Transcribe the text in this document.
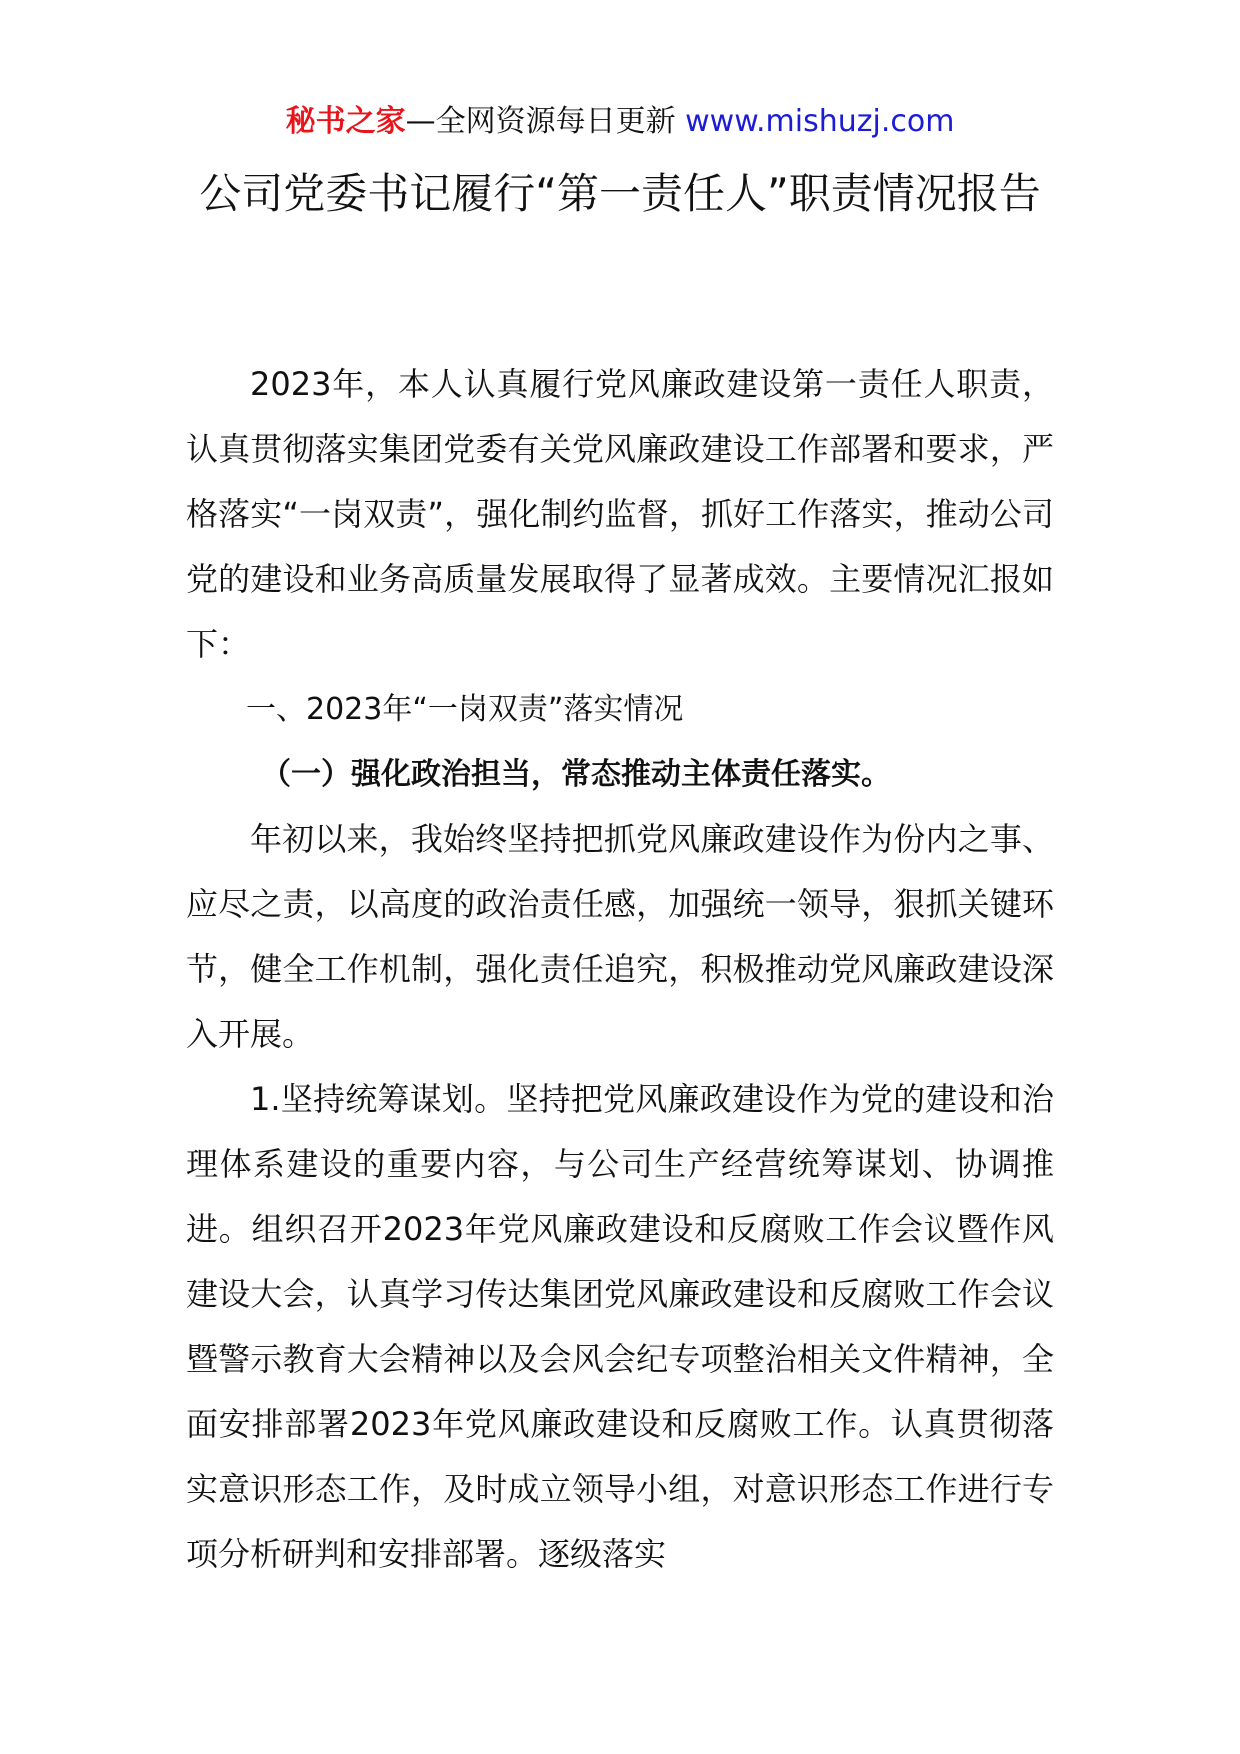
秘书之家—全网资源每日更新 www.mishuzj.com
公司党委书记履行“第一责任人”职责情况报告

2023年，本人认真履行党风廉政建设第一责任人职责，认真贯彻落实集团党委有关党风廉政建设工作部署和要求，严格落实“一岗双责”，强化制约监督，抓好工作落实，推动公司党的建设和业务高质量发展取得了显著成效。主要情况汇报如下：

一、2023年“一岗双责”落实情况

（一）强化政治担当，常态推动主体责任落实。

年初以来，我始终坚持把抓党风廉政建设作为份内之事、应尽之责，以高度的政治责任感，加强统一领导，狠抓关键环节，健全工作机制，强化责任追究，积极推动党风廉政建设深入开展。

1.坚持统筹谋划。坚持把党风廉政建设作为党的建设和治理体系建设的重要内容，与公司生产经营统筹谋划、协调推进。组织召开2023年党风廉政建设和反腐败工作会议暨作风建设大会，认真学习传达集团党风廉政建设和反腐败工作会议暨警示教育大会精神以及会风会纪专项整治相关文件精神，全面安排部署2023年党风廉政建设和反腐败工作。认真贯彻落实意识形态工作，及时成立领导小组，对意识形态工作进行专项分析研判和安排部署。逐级落实
